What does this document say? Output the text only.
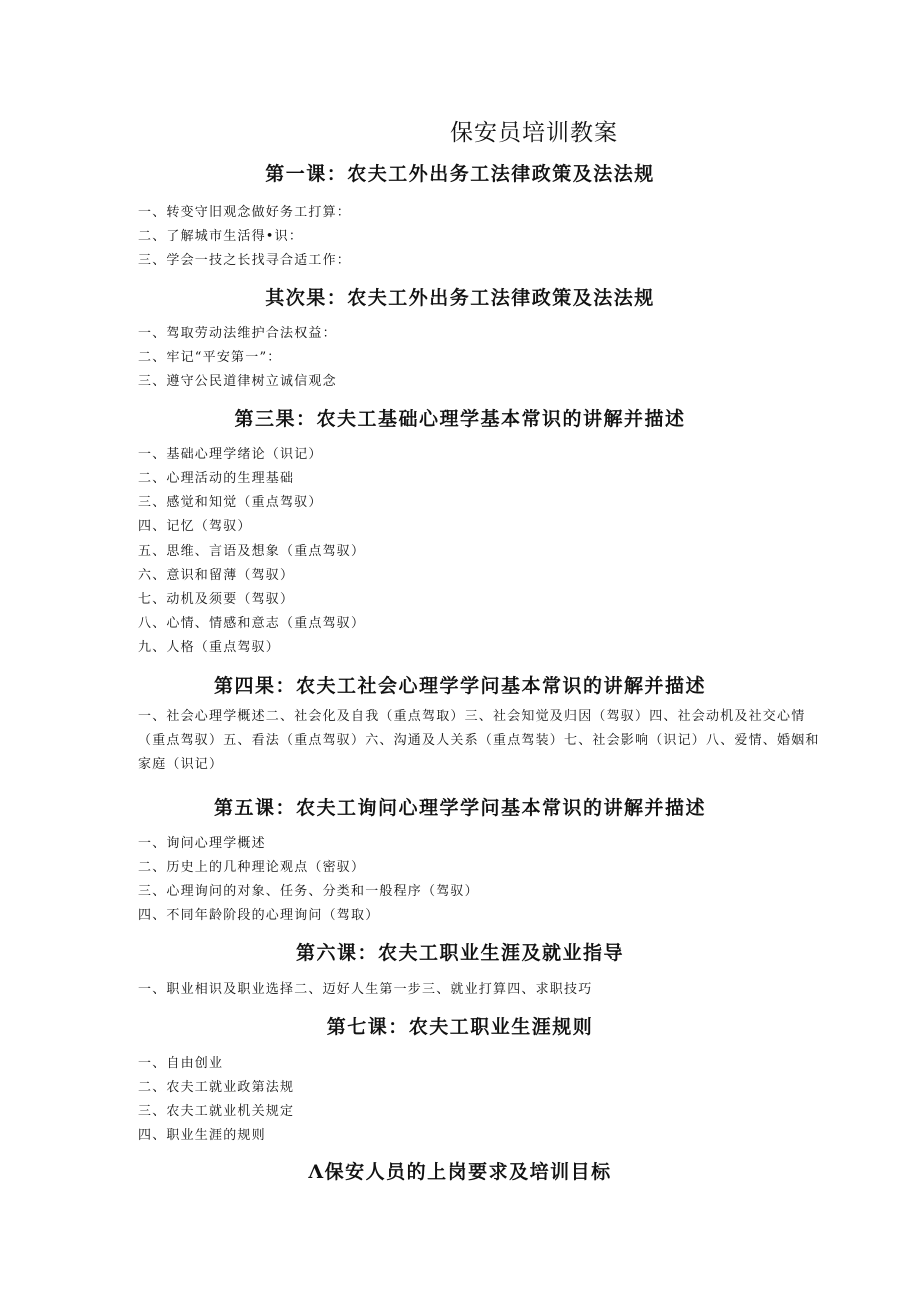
保安员培训教案
第一课：农夫工外出务工法律政策及法法规

一、转变守旧观念做好务工打算：

二、了解城市生活得•识：

三、学会一技之长找寻合适工作：

其次果：农夫工外出务工法律政策及法法规

一、驾取劳动法维护合法权益：

二、牢记“平安第一”：

三、遵守公民道律树立诚信观念

第三果：农夫工基础心理学基本常识的讲解并描述

一、基础心理学绪论（识记）

二、心理活动的生理基础

三、感觉和知觉（重点驾驭）

四、记忆（驾驭）

五、思维、言语及想象（重点驾驭）

六、意识和留薄（驾驭）

七、动机及须要（驾驭）

八、心情、情感和意志（重点驾驭）

九、人格（重点驾驭）

第四果：农夫工社会心理学学问基本常识的讲解并描述

一、社会心理学概述二、社会化及自我（重点驾取）三、社会知觉及归因（驾驭）四、社会动机及社交心情（重点驾驭）五、看法（重点驾驭）六、沟通及人关系（重点驾装）七、社会影响（识记）八、爱情、婚姻和家庭（识记）

第五课：农夫工询问心理学学问基本常识的讲解并描述

一、询问心理学概述

二、历史上的几种理论观点（密驭）

三、心理询问的对象、任务、分类和一般程序（驾驭）

四、不同年龄阶段的心理询问（驾取）

第六课：农夫工职业生涯及就业指导

一、职业相识及职业选择二、迈好人生第一步三、就业打算四、求职技巧

第七课：农夫工职业生涯规则

一、自由创业

二、农夫工就业政第法规

三、农夫工就业机关规定

四、职业生涯的规则

Λ保安人员的上岗要求及培训目标
